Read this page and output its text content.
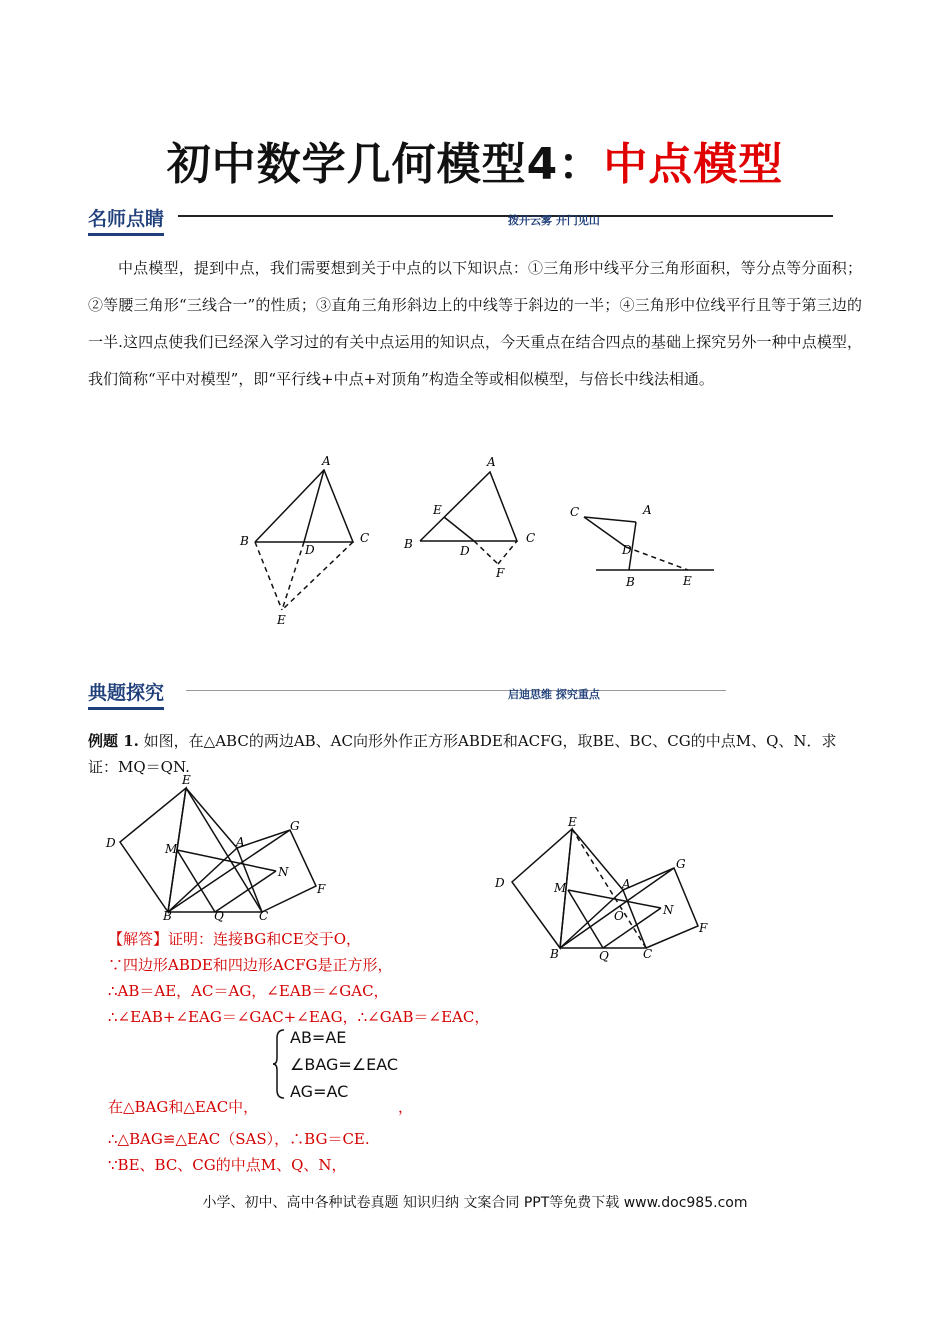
初中数学几何模型4：中点模型
名师点睛	拨开云雾 开门见山
中点模型，提到中点，我们需要想到关于中点的以下知识点：①三角形中线平分三角形面积，等分点等分面积；②等腰三角形“三线合一”的性质；③直角三角形斜边上的中线等于斜边的一半；④三角形中位线平行且等于第三边的一半.这四点使我们已经深入学习过的有关中点运用的知识点，今天重点在结合四点的基础上探究另外一种中点模型，我们简称“平中对模型”，即“平行线+中点+对顶角”构造全等或相似模型，与倍长中线法相通。
A
B	C
D
E
A
E
B	D
C
F
C	A
D
B	E
典题探究	启迪思维 探究重点
例题 1. 如图，在△ABC的两边AB、AC向形外作正方形ABDE和ACFG，取BE、BC、CG的中点M、Q、N．求证：MQ＝QN.
E
D
G
M	A
N
F
B	Q	C
E
G
D	M	A
O	N
F
B	Q	C
【解答】证明：连接BG和CE交于O，
∵四边形ABDE和四边形ACFG是正方形，
∴AB＝AE，AC＝AG，∠EAB＝∠GAC，
∴∠EAB+∠EAG＝∠GAC+∠EAG，∴∠GAB＝∠EAC，
AB=AE
∠BAG=∠EAC
AG=AC
在△BAG和△EAC中，	，
∴△BAG≌△EAC（SAS），∴BG＝CE.
∵BE、BC、CG的中点M、Q、N，
小学、初中、高中各种试卷真题 知识归纳 文案合同 PPT等免费下载 www.doc985.com
